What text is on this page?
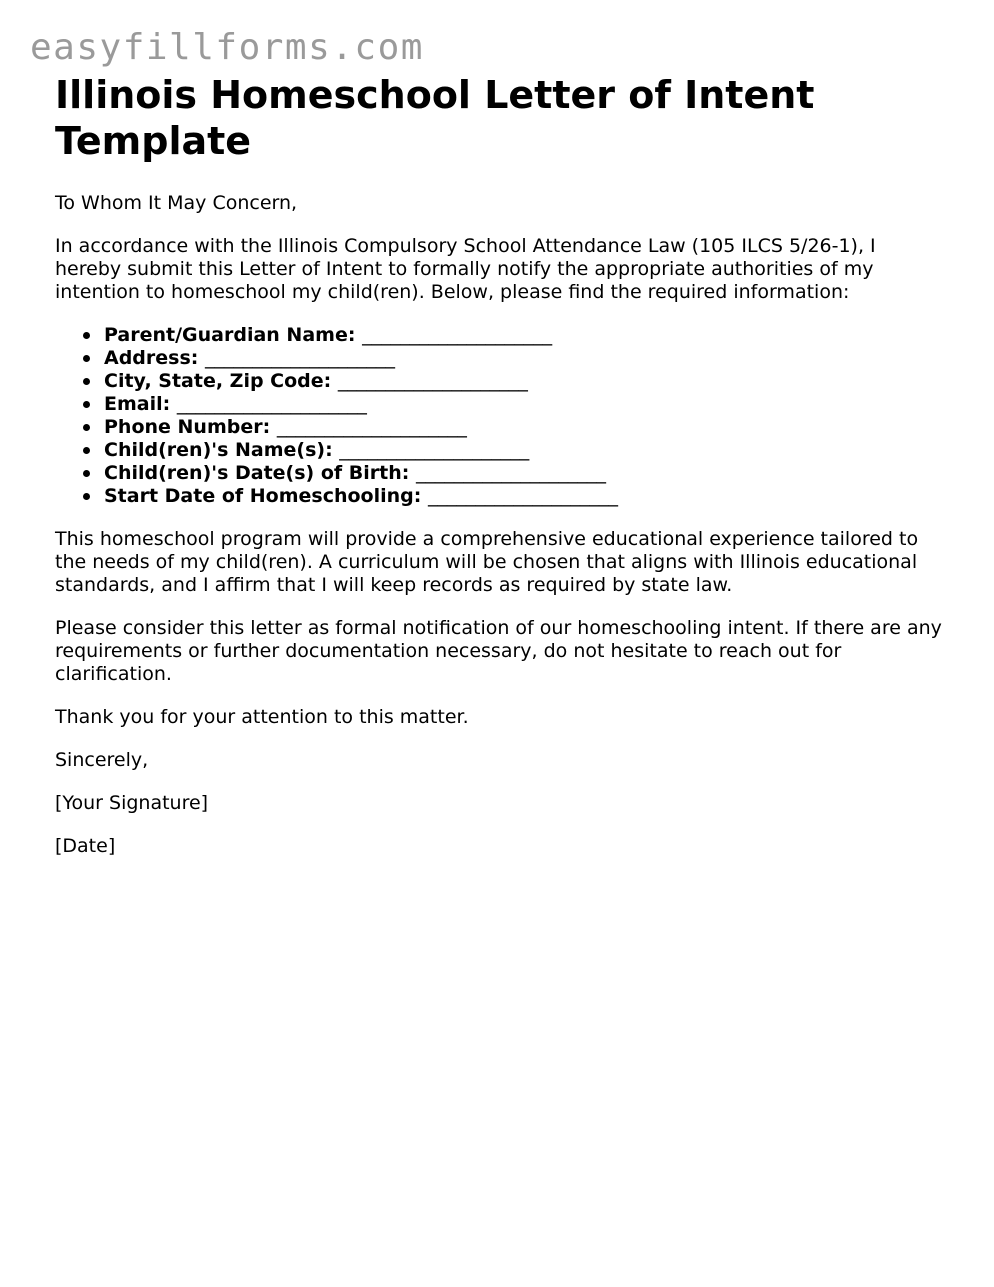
easyfillforms.com
Illinois Homeschool Letter of Intent Template

To Whom It May Concern,

In accordance with the Illinois Compulsory School Attendance Law (105 ILCS 5/26-1), I hereby submit this Letter of Intent to formally notify the appropriate authorities of my intention to homeschool my child(ren). Below, please find the required information:

Parent/Guardian Name: ____________________
Address: ____________________
City, State, Zip Code: ____________________
Email: ____________________
Phone Number: ____________________
Child(ren)'s Name(s): ____________________
Child(ren)'s Date(s) of Birth: ____________________
Start Date of Homeschooling: ____________________

This homeschool program will provide a comprehensive educational experience tailored to the needs of my child(ren). A curriculum will be chosen that aligns with Illinois educational standards, and I affirm that I will keep records as required by state law.

Please consider this letter as formal notification of our homeschooling intent. If there are any requirements or further documentation necessary, do not hesitate to reach out for clarification.

Thank you for your attention to this matter.

Sincerely,

[Your Signature]

[Date]
